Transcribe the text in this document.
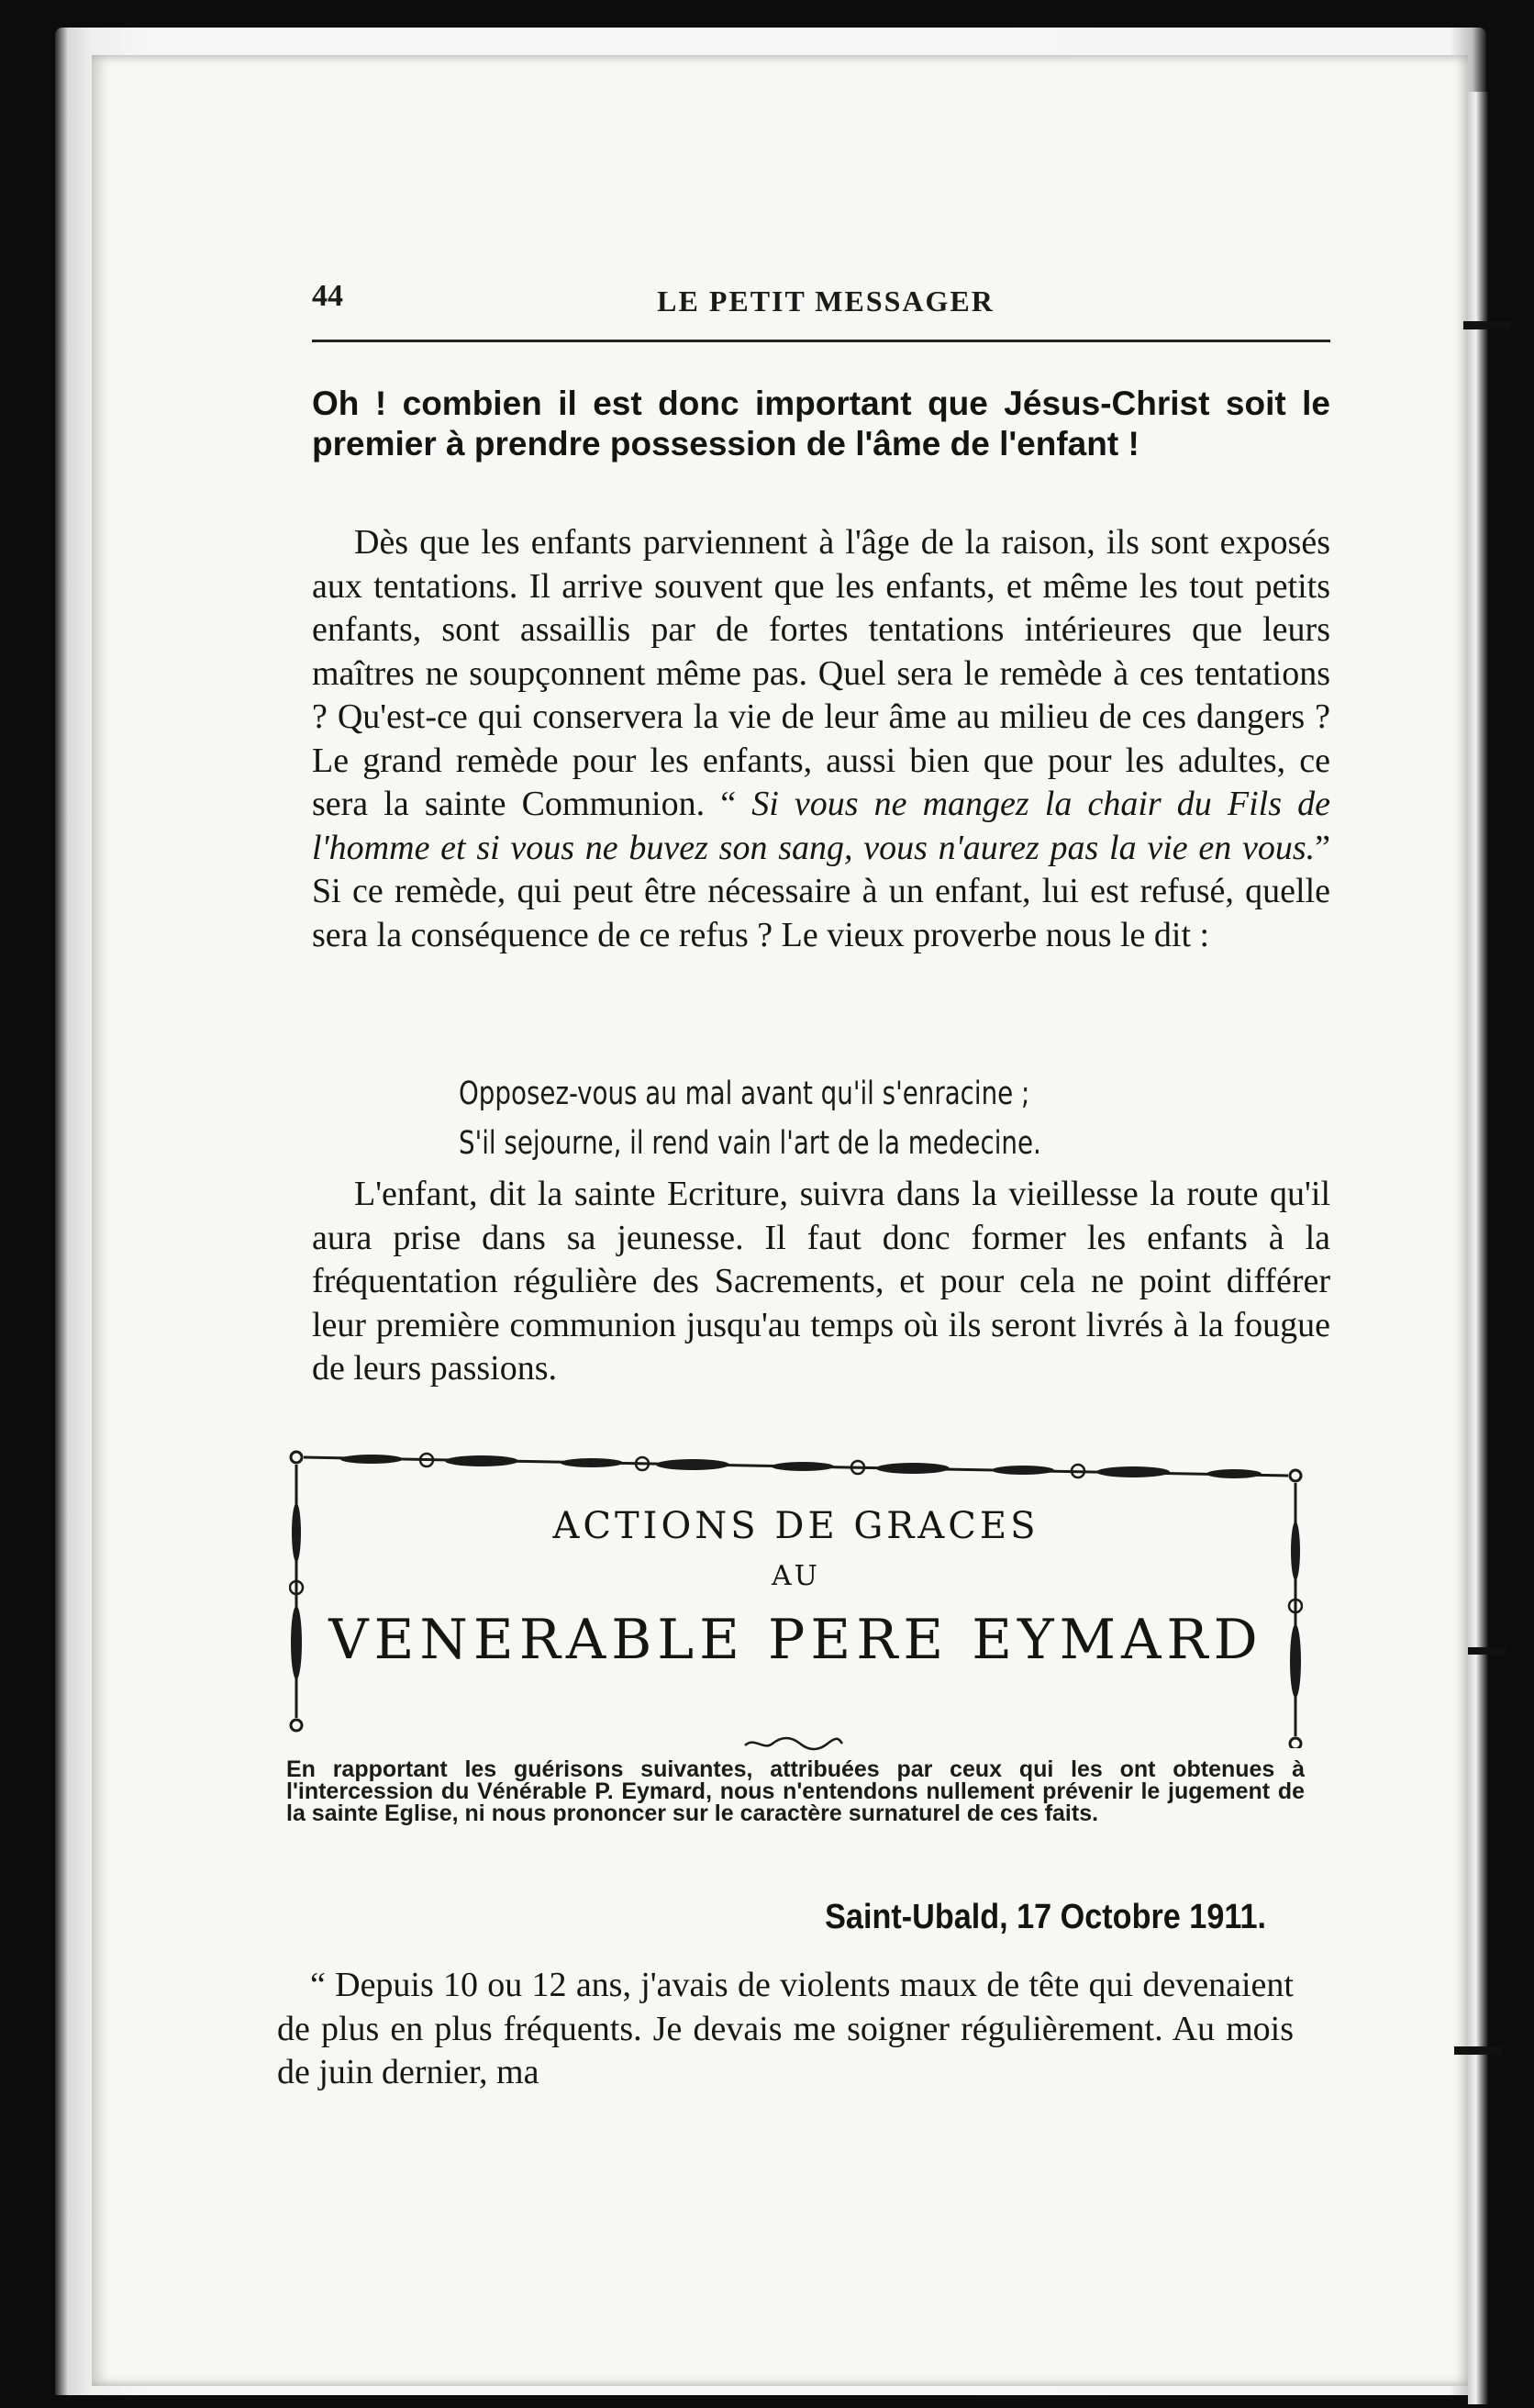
44	LE PETIT MESSAGER

Oh ! combien il est donc important que Jésus-Christ soit le premier à prendre possession de l'âme de l'enfant !

Dès que les enfants parviennent à l'âge de la raison, ils sont exposés aux tentations. Il arrive souvent que les enfants, et même les tout petits enfants, sont assaillis par de fortes tentations intérieures que leurs maîtres ne soupçonnent même pas. Quel sera le remède à ces tentations ? Qu'est-ce qui conservera la vie de leur âme au milieu de ces dangers ? Le grand remède pour les enfants, aussi bien que pour les adultes, ce sera la sainte Communion. “ Si vous ne mangez la chair du Fils de l'homme et si vous ne buvez son sang, vous n'aurez pas la vie en vous.” Si ce remède, qui peut être nécessaire à un enfant, lui est refusé, quelle sera la conséquence de ce refus ? Le vieux proverbe nous le dit :

Opposez-vous au mal avant qu'il s'enracine ;

S'il sejourne, il rend vain l'art de la medecine.

L'enfant, dit la sainte Ecriture, suivra dans la vieillesse la route qu'il aura prise dans sa jeunesse. Il faut donc former les enfants à la fréquentation régulière des Sacrements, et pour cela ne point différer leur première communion jusqu'au temps où ils seront livrés à la fougue de leurs passions.

ACTIONS DE GRACES

AU

VENERABLE PERE EYMARD

En rapportant les guérisons suivantes, attribuées par ceux qui les ont obtenues à l'intercession du Vénérable P. Eymard, nous n'entendons nullement prévenir le jugement de la sainte Eglise, ni nous prononcer sur le caractère surnaturel de ces faits.

Saint-Ubald, 17 Octobre 1911.

“ Depuis 10 ou 12 ans, j'avais de violents maux de tête qui devenaient de plus en plus fréquents. Je devais me soigner régulièrement. Au mois de juin dernier, ma
